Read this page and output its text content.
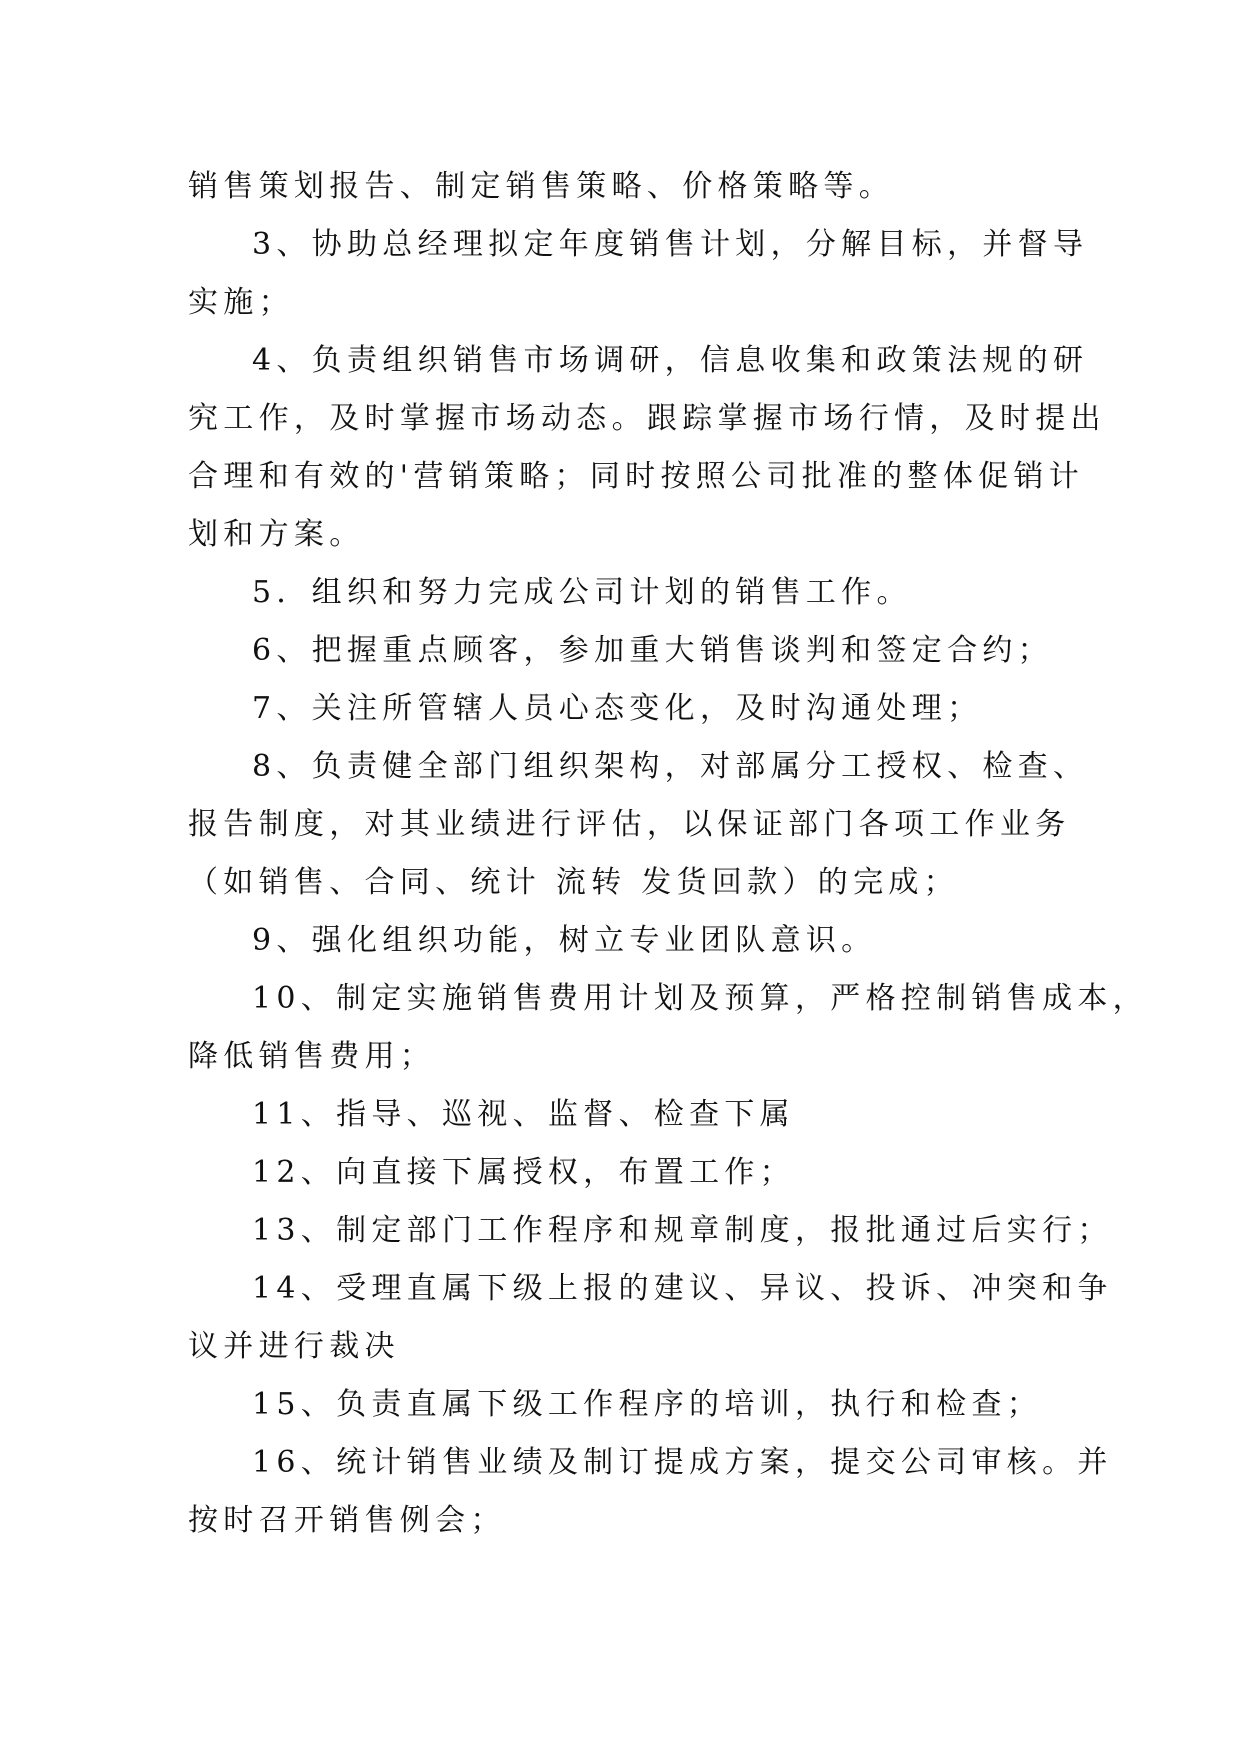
销售策划报告、制定销售策略、价格策略等。
3、协助总经理拟定年度销售计划，分解目标，并督导
实施；
4、负责组织销售市场调研，信息收集和政策法规的研
究工作，及时掌握市场动态。跟踪掌握市场行情，及时提出
合理和有效的'营销策略；同时按照公司批准的整体促销计
划和方案。
5．组织和努力完成公司计划的销售工作。
6、把握重点顾客，参加重大销售谈判和签定合约；
7、关注所管辖人员心态变化，及时沟通处理；
8、负责健全部门组织架构，对部属分工授权、检查、
报告制度，对其业绩进行评估，以保证部门各项工作业务
（如销售、合同、统计 流转 发货回款）的完成；
9、强化组织功能，树立专业团队意识。
10、制定实施销售费用计划及预算，严格控制销售成本，
降低销售费用；
11、指导、巡视、监督、检查下属
12、向直接下属授权，布置工作；
13、制定部门工作程序和规章制度，报批通过后实行；
14、受理直属下级上报的建议、异议、投诉、冲突和争
议并进行裁决
15、负责直属下级工作程序的培训，执行和检查；
16、统计销售业绩及制订提成方案，提交公司审核。并
按时召开销售例会；
